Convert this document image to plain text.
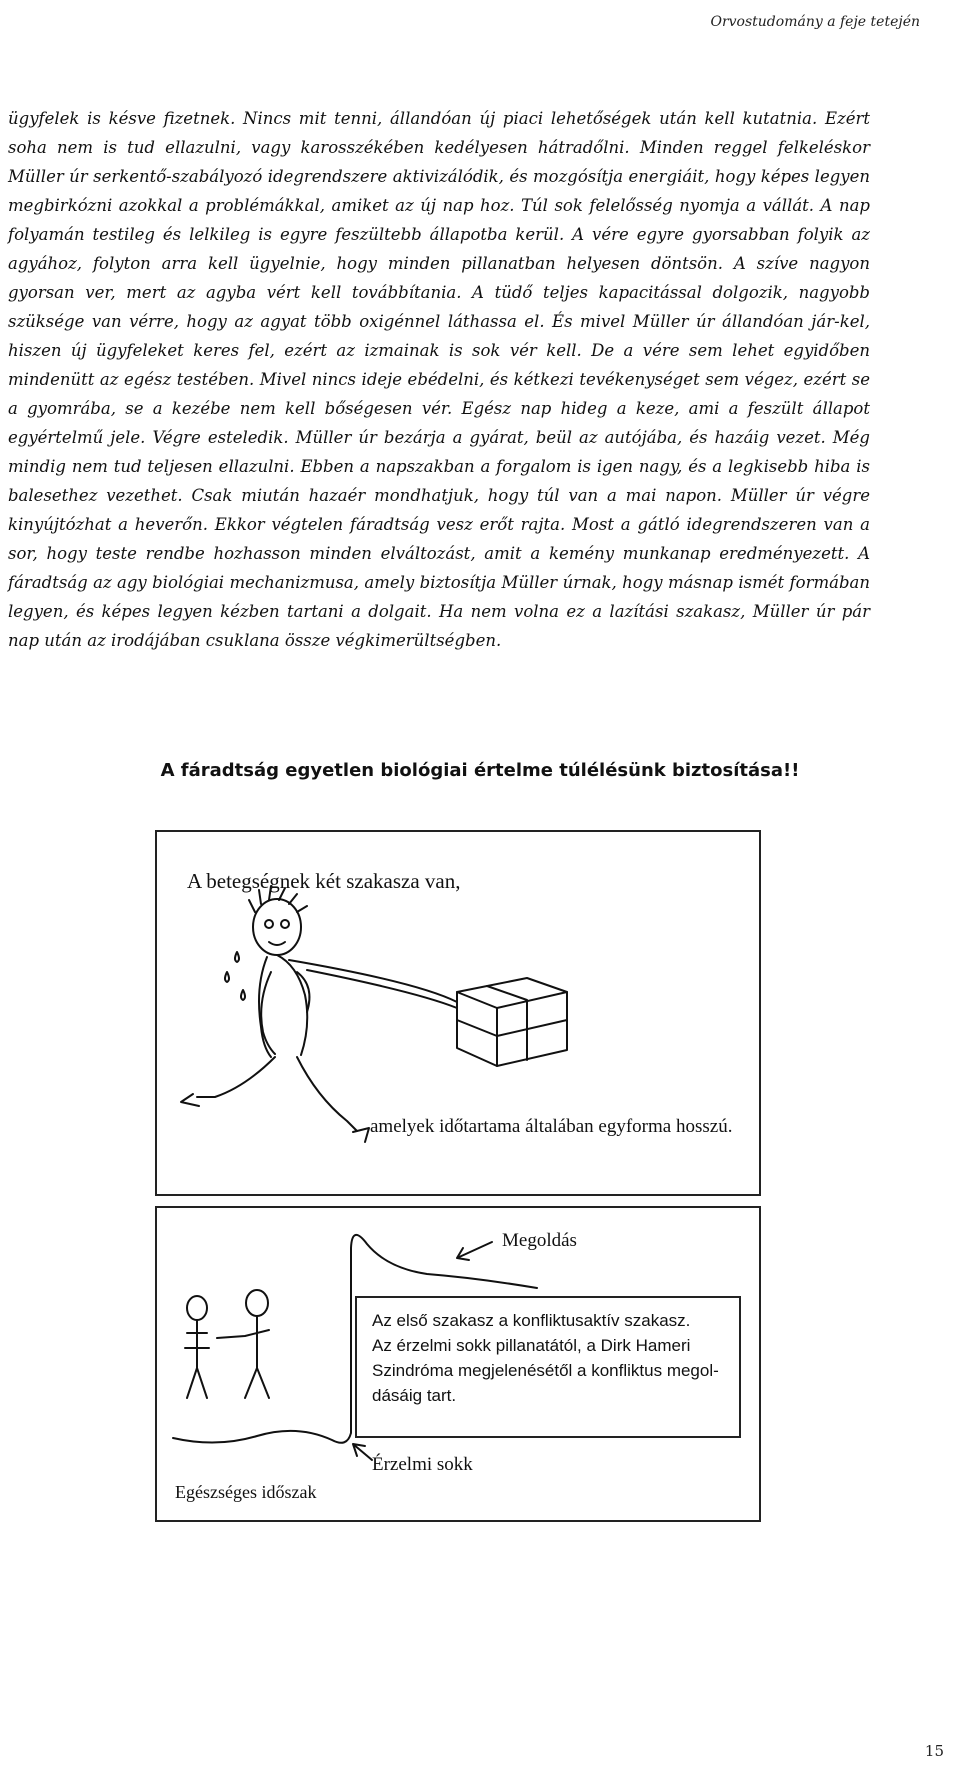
Orvostudomány a feje tetején

ügyfelek is késve fizetnek. Nincs mit tenni, állandóan új piaci lehetőségek után kell kutatnia. Ezért soha nem is tud ellazulni, vagy karosszékében kedélyesen hátradőlni. Minden reggel felkeléskor Müller úr serkentő-szabályozó idegrendszere aktivizálódik, és mozgósítja energiáit, hogy képes legyen megbirkózni azokkal a problémákkal, amiket az új nap hoz. Túl sok felelősség nyomja a vállát. A nap folyamán testileg és lelkileg is egyre feszültebb állapotba kerül. A vére egyre gyorsabban folyik az agyához, folyton arra kell ügyelnie, hogy minden pillanatban helyesen döntsön. A szíve nagyon gyorsan ver, mert az agyba vért kell továbbítania. A tüdő teljes kapacitással dolgozik, nagyobb szüksége van vérre, hogy az agyat több oxigénnel láthassa el. És mivel Müller úr állandóan jár-kel, hiszen új ügyfeleket keres fel, ezért az izmainak is sok vér kell. De a vére sem lehet egyidőben mindenütt az egész testében. Mivel nincs ideje ebédelni, és kétkezi tevékenységet sem végez, ezért se a gyomrába, se a kezébe nem kell bőségesen vér. Egész nap hideg a keze, ami a feszült állapot egyértelmű jele. Végre esteledik. Müller úr bezárja a gyárat, beül az autójába, és hazáig vezet. Még mindig nem tud teljesen ellazulni. Ebben a napszakban a forgalom is igen nagy, és a legkisebb hiba is balesethez vezethet. Csak miután hazaér mondhatjuk, hogy túl van a mai napon. Müller úr végre kinyújtózhat a heverőn. Ekkor végtelen fáradtság vesz erőt rajta. Most a gátló idegrendszeren van a sor, hogy teste rendbe hozhasson minden elváltozást, amit a kemény munkanap eredményezett. A fáradtság az agy biológiai mechanizmusa, amely biztosítja Müller úrnak, hogy másnap ismét formában legyen, és képes legyen kézben tartani a dolgait. Ha nem volna ez a lazítási szakasz, Müller úr pár nap után az irodájában csuklana össze végkimerültségben.

A fáradtság egyetlen biológiai értelme túlélésünk biztosítása!!
A betegségnek két szakasza van,
amelyek időtartama általában egyforma hosszú.
Megoldás
Egészséges időszak
Érzelmi sokk
Az első szakasz a konfliktusaktív szakasz.
Az érzelmi sokk pillanatától, a Dirk Hameri
Szindróma megjelenésétől a konfliktus megol-
dásáig tart.
15
